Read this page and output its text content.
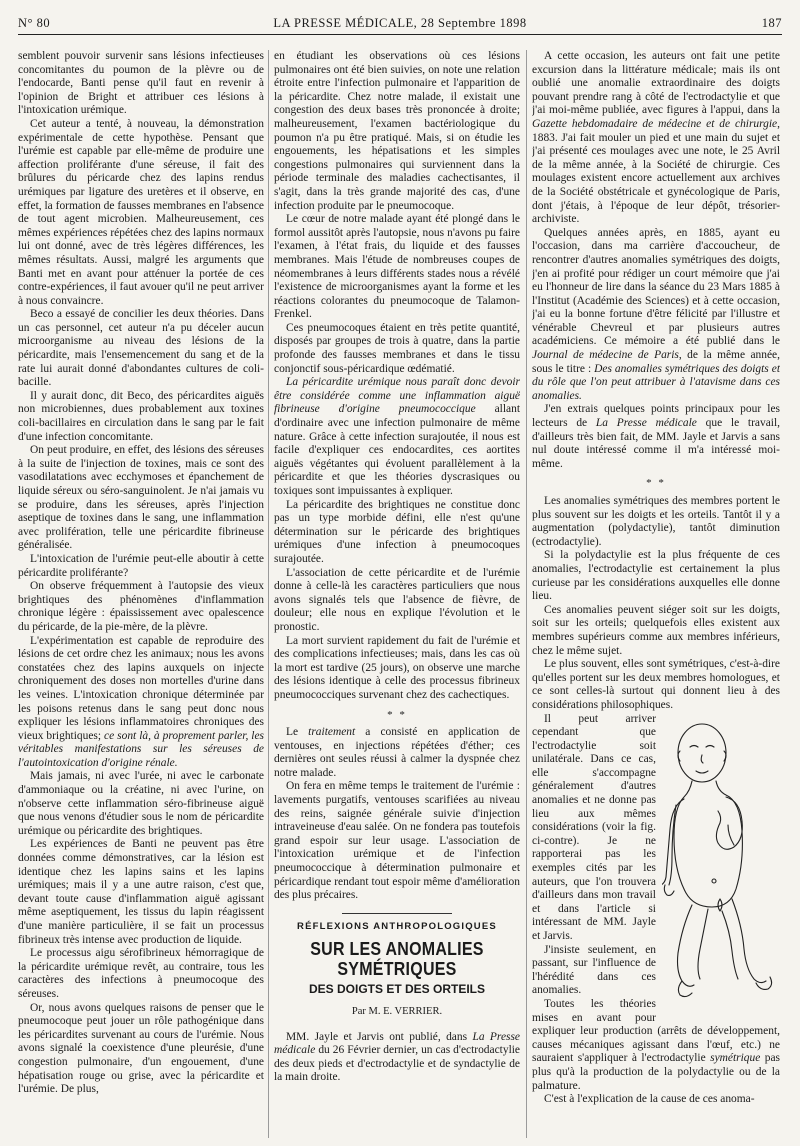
N° 80	LA PRESSE MÉDICALE, 28 Septembre 1898	187

semblent pouvoir survenir sans lésions infectieuses concomitantes du poumon de la plèvre ou de l'endocarde, Banti pense qu'il faut en revenir à l'opinion de Bright et attribuer ces lésions à l'intoxication urémique.

Cet auteur a tenté, à nouveau, la démonstration expérimentale de cette hypothèse. Pensant que l'urémie est capable par elle-même de produire une affection proliférante d'une séreuse, il fait des brûlures du péricarde chez des lapins rendus urémiques par ligature des uretères et il observe, en effet, la formation de fausses membranes en l'absence de tout agent microbien. Malheureusement, ces mêmes expériences répétées chez des lapins normaux lui ont donné, avec de très légères différences, les mêmes résultats. Aussi, malgré les arguments que Banti met en avant pour atténuer la portée de ces contre-expériences, il faut avouer qu'il ne peut arriver à nous convaincre.

Beco a essayé de concilier les deux théories. Dans un cas personnel, cet auteur n'a pu déceler aucun microorganisme au niveau des lésions de la péricardite, mais l'ensemencement du sang et de la rate lui aurait donné d'abondantes cultures de coli-bacille.

Il y aurait donc, dit Beco, des péricardites aiguës non microbiennes, dues probablement aux toxines coli-bacillaires en circulation dans le sang par le fait d'une infection concomitante.

On peut produire, en effet, des lésions des séreuses à la suite de l'injection de toxines, mais ce sont des vasodilatations avec ecchymoses et épanchement de liquide séreux ou séro-sanguinolent. Je n'ai jamais vu se produire, dans les séreuses, après l'injection aseptique de toxines dans le sang, une inflammation avec prolifération, telle une péricardite fibrineuse généralisée.

L'intoxication de l'urémie peut-elle aboutir à cette péricardite proliférante?

On observe fréquemment à l'autopsie des vieux brightiques des phénomènes d'inflammation chronique légère : épaississement avec opalescence du péricarde, de la pie-mère, de la plèvre.

L'expérimentation est capable de reproduire des lésions de cet ordre chez les animaux; nous les avons constatées chez des lapins auxquels on injecte chroniquement des doses non mortelles d'urine dans les veines. L'intoxication chronique déterminée par les poisons retenus dans le sang peut donc nous expliquer les lésions inflammatoires chroniques des vieux brightiques; ce sont là, à proprement parler, les véritables manifestations sur les séreuses de l'autointoxication d'origine rénale.

Mais jamais, ni avec l'urée, ni avec le carbonate d'ammoniaque ou la créatine, ni avec l'urine, on n'observe cette inflammation séro-fibrineuse aiguë que nous venons d'étudier sous le nom de péricardite urémique ou péricardite des brightiques.

Les expériences de Banti ne peuvent pas être données comme démonstratives, car la lésion est identique chez les lapins sains et les lapins urémiques; mais il y a une autre raison, c'est que, devant toute cause d'inflammation aiguë agissant même aseptiquement, les tissus du lapin réagissent d'une manière particulière, il se fait un processus fibrineux très intense avec production de liquide.

Le processus aigu sérofibrineux hémorragique de la péricardite urémique revêt, au contraire, tous les caractères des infections à pneumocoque des séreuses.

Or, nous avons quelques raisons de penser que le pneumocoque peut jouer un rôle pathogénique dans les péricardites survenant au cours de l'urémie. Nous avons signalé la coexistence d'une pleurésie, d'une congestion pulmonaire, d'un engouement, d'une hépatisation rouge ou grise, avec la péricardite et l'urémie. De plus,

en étudiant les observations où ces lésions pulmonaires ont été bien suivies, on note une relation étroite entre l'infection pulmonaire et l'apparition de la péricardite. Chez notre malade, il existait une congestion des deux bases très prononcée à droite; malheureusement, l'examen bactériologique du poumon n'a pu être pratiqué. Mais, si on étudie les engouements, les hépatisations et les simples congestions pulmonaires qui surviennent dans la période terminale des maladies cachectisantes, il s'agit, dans la très grande majorité des cas, d'une infection produite par le pneumocoque.

Le cœur de notre malade ayant été plongé dans le formol aussitôt après l'autopsie, nous n'avons pu faire l'examen, à l'état frais, du liquide et des fausses membranes. Mais l'étude de nombreuses coupes de néomembranes à leurs différents stades nous a révélé l'existence de microorganismes ayant la forme et les réactions colorantes du pneumocoque de Talamon-Frenkel.

Ces pneumocoques étaient en très petite quantité, disposés par groupes de trois à quatre, dans la partie profonde des fausses membranes et dans le tissu conjonctif sous-péricardique œdématié.

La péricardite urémique nous paraît donc devoir être considérée comme une inflammation aiguë fibrineuse d'origine pneumococcique allant d'ordinaire avec une infection pulmonaire de même nature. Grâce à cette infection surajoutée, il nous est facile d'expliquer ces endocardites, ces aortites aiguës végétantes qui évoluent parallèlement à la péricardite et que les théories dyscrasiques ou toxiques sont impuissantes à expliquer.

La péricardite des brightiques ne constitue donc pas un type morbide défini, elle n'est qu'une détermination sur le péricarde des brightiques urémiques d'une infection à pneumocoques surajoutée.

L'association de cette péricardite et de l'urémie donne à celle-là les caractères particuliers que nous avons signalés tels que l'absence de fièvre, de douleur; elle nous en explique l'évolution et le pronostic.

La mort survient rapidement du fait de l'urémie et des complications infectieuses; mais, dans les cas où la mort est tardive (25 jours), on observe une marche des lésions identique à celle des processus fibrineux pneumococciques survenant chez des cachectiques.

* *

Le traitement a consisté en application de ventouses, en injections répétées d'éther; ces dernières ont seules réussi à calmer la dyspnée chez notre malade.

On fera en même temps le traitement de l'urémie : lavements purgatifs, ventouses scarifiées au niveau des reins, saignée générale suivie d'injection intraveineuse d'eau salée. On ne fondera pas toutefois grand espoir sur leur usage. L'association de l'intoxication urémique et de l'infection pneumococcique à détermination pulmonaire et péricardique rendant tout espoir même d'amélioration des plus précaires.

RÉFLEXIONS ANTHROPOLOGIQUES
SUR LES ANOMALIES SYMÉTRIQUES
DES DOIGTS ET DES ORTEILS
Par M. E. VERRIER.

MM. Jayle et Jarvis ont publié, dans La Presse médicale du 26 Février dernier, un cas d'ectrodactylie des deux pieds et d'ectrodactylie et de syndactylie de la main droite.

A cette occasion, les auteurs ont fait une petite excursion dans la littérature médicale; mais ils ont oublié une anomalie extraordinaire des doigts pouvant prendre rang à côté de l'ectrodactylie et que j'ai moi-même publiée, avec figures à l'appui, dans la Gazette hebdomadaire de médecine et de chirurgie, 1883. J'ai fait mouler un pied et une main du sujet et j'ai présenté ces moulages avec une note, le 25 Avril de la même année, à la Société de chirurgie. Ces moulages existent encore actuellement aux archives de la Société obstétricale et gynécologique de Paris, dont j'étais, à l'époque de leur dépôt, trésorier-archiviste.

Quelques années après, en 1885, ayant eu l'occasion, dans ma carrière d'accoucheur, de rencontrer d'autres anomalies symétriques des doigts, j'en ai profité pour rédiger un court mémoire que j'ai eu l'honneur de lire dans la séance du 23 Mars 1885 à l'Institut (Académie des Sciences) et à cette occasion, j'ai eu la bonne fortune d'être félicité par l'illustre et vénérable Chevreul et par plusieurs autres académiciens. Ce mémoire a été publié dans le Journal de médecine de Paris, de la même année, sous le titre : Des anomalies symétriques des doigts et du rôle que l'on peut attribuer à l'atavisme dans ces anomalies.

J'en extrais quelques points principaux pour les lecteurs de La Presse médicale que le travail, d'ailleurs très bien fait, de MM. Jayle et Jarvis a sans nul doute intéressé comme il m'a intéressé moi-même.

* *

Les anomalies symétriques des membres portent le plus souvent sur les doigts et les orteils. Tantôt il y a augmentation (polydactylie), tantôt diminution (ectrodactylie).

Si la polydactylie est la plus fréquente de ces anomalies, l'ectrodactylie est certainement la plus curieuse par les considérations auxquelles elle donne lieu.

Ces anomalies peuvent siéger soit sur les doigts, soit sur les orteils; quelquefois elles existent aux membres supérieurs comme aux membres inférieurs, chez le même sujet.

Le plus souvent, elles sont symétriques, c'est-à-dire qu'elles portent sur les deux membres homologues, et ce sont celles-là surtout qui donnent lieu à des considérations philosophiques.

Il peut arriver cependant que l'ectrodactylie soit unilatérale. Dans ce cas, elle s'accompagne généralement d'autres anomalies et ne donne pas lieu aux mêmes considérations (voir la fig. ci-contre). Je ne rapporterai pas les exemples cités par les auteurs, que l'on trouvera d'ailleurs dans mon travail et dans l'article si intéressant de MM. Jayle et Jarvis.

J'insiste seulement, en passant, sur l'influence de l'hérédité dans ces anomalies.

Toutes les théories mises en avant pour expliquer leur production (arrêts de développement, causes mécaniques agissant dans l'œuf, etc.) ne sauraient s'appliquer à l'ectrodactylie symétrique pas plus qu'à la production de la polydactylie ou de la palmature.

C'est à l'explication de la cause de ces anoma-
